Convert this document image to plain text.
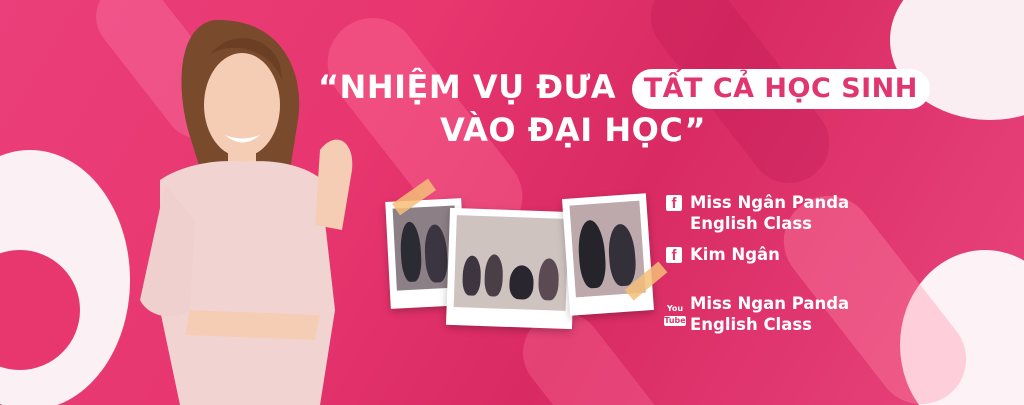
“NHIỆM VỤ ĐƯA TẤT CẢ HỌC SINH
VÀO ĐẠI HỌC”
f Miss Ngân Panda
English Class
f Kim Ngân
You
Tube
Miss Ngan Panda
English Class
